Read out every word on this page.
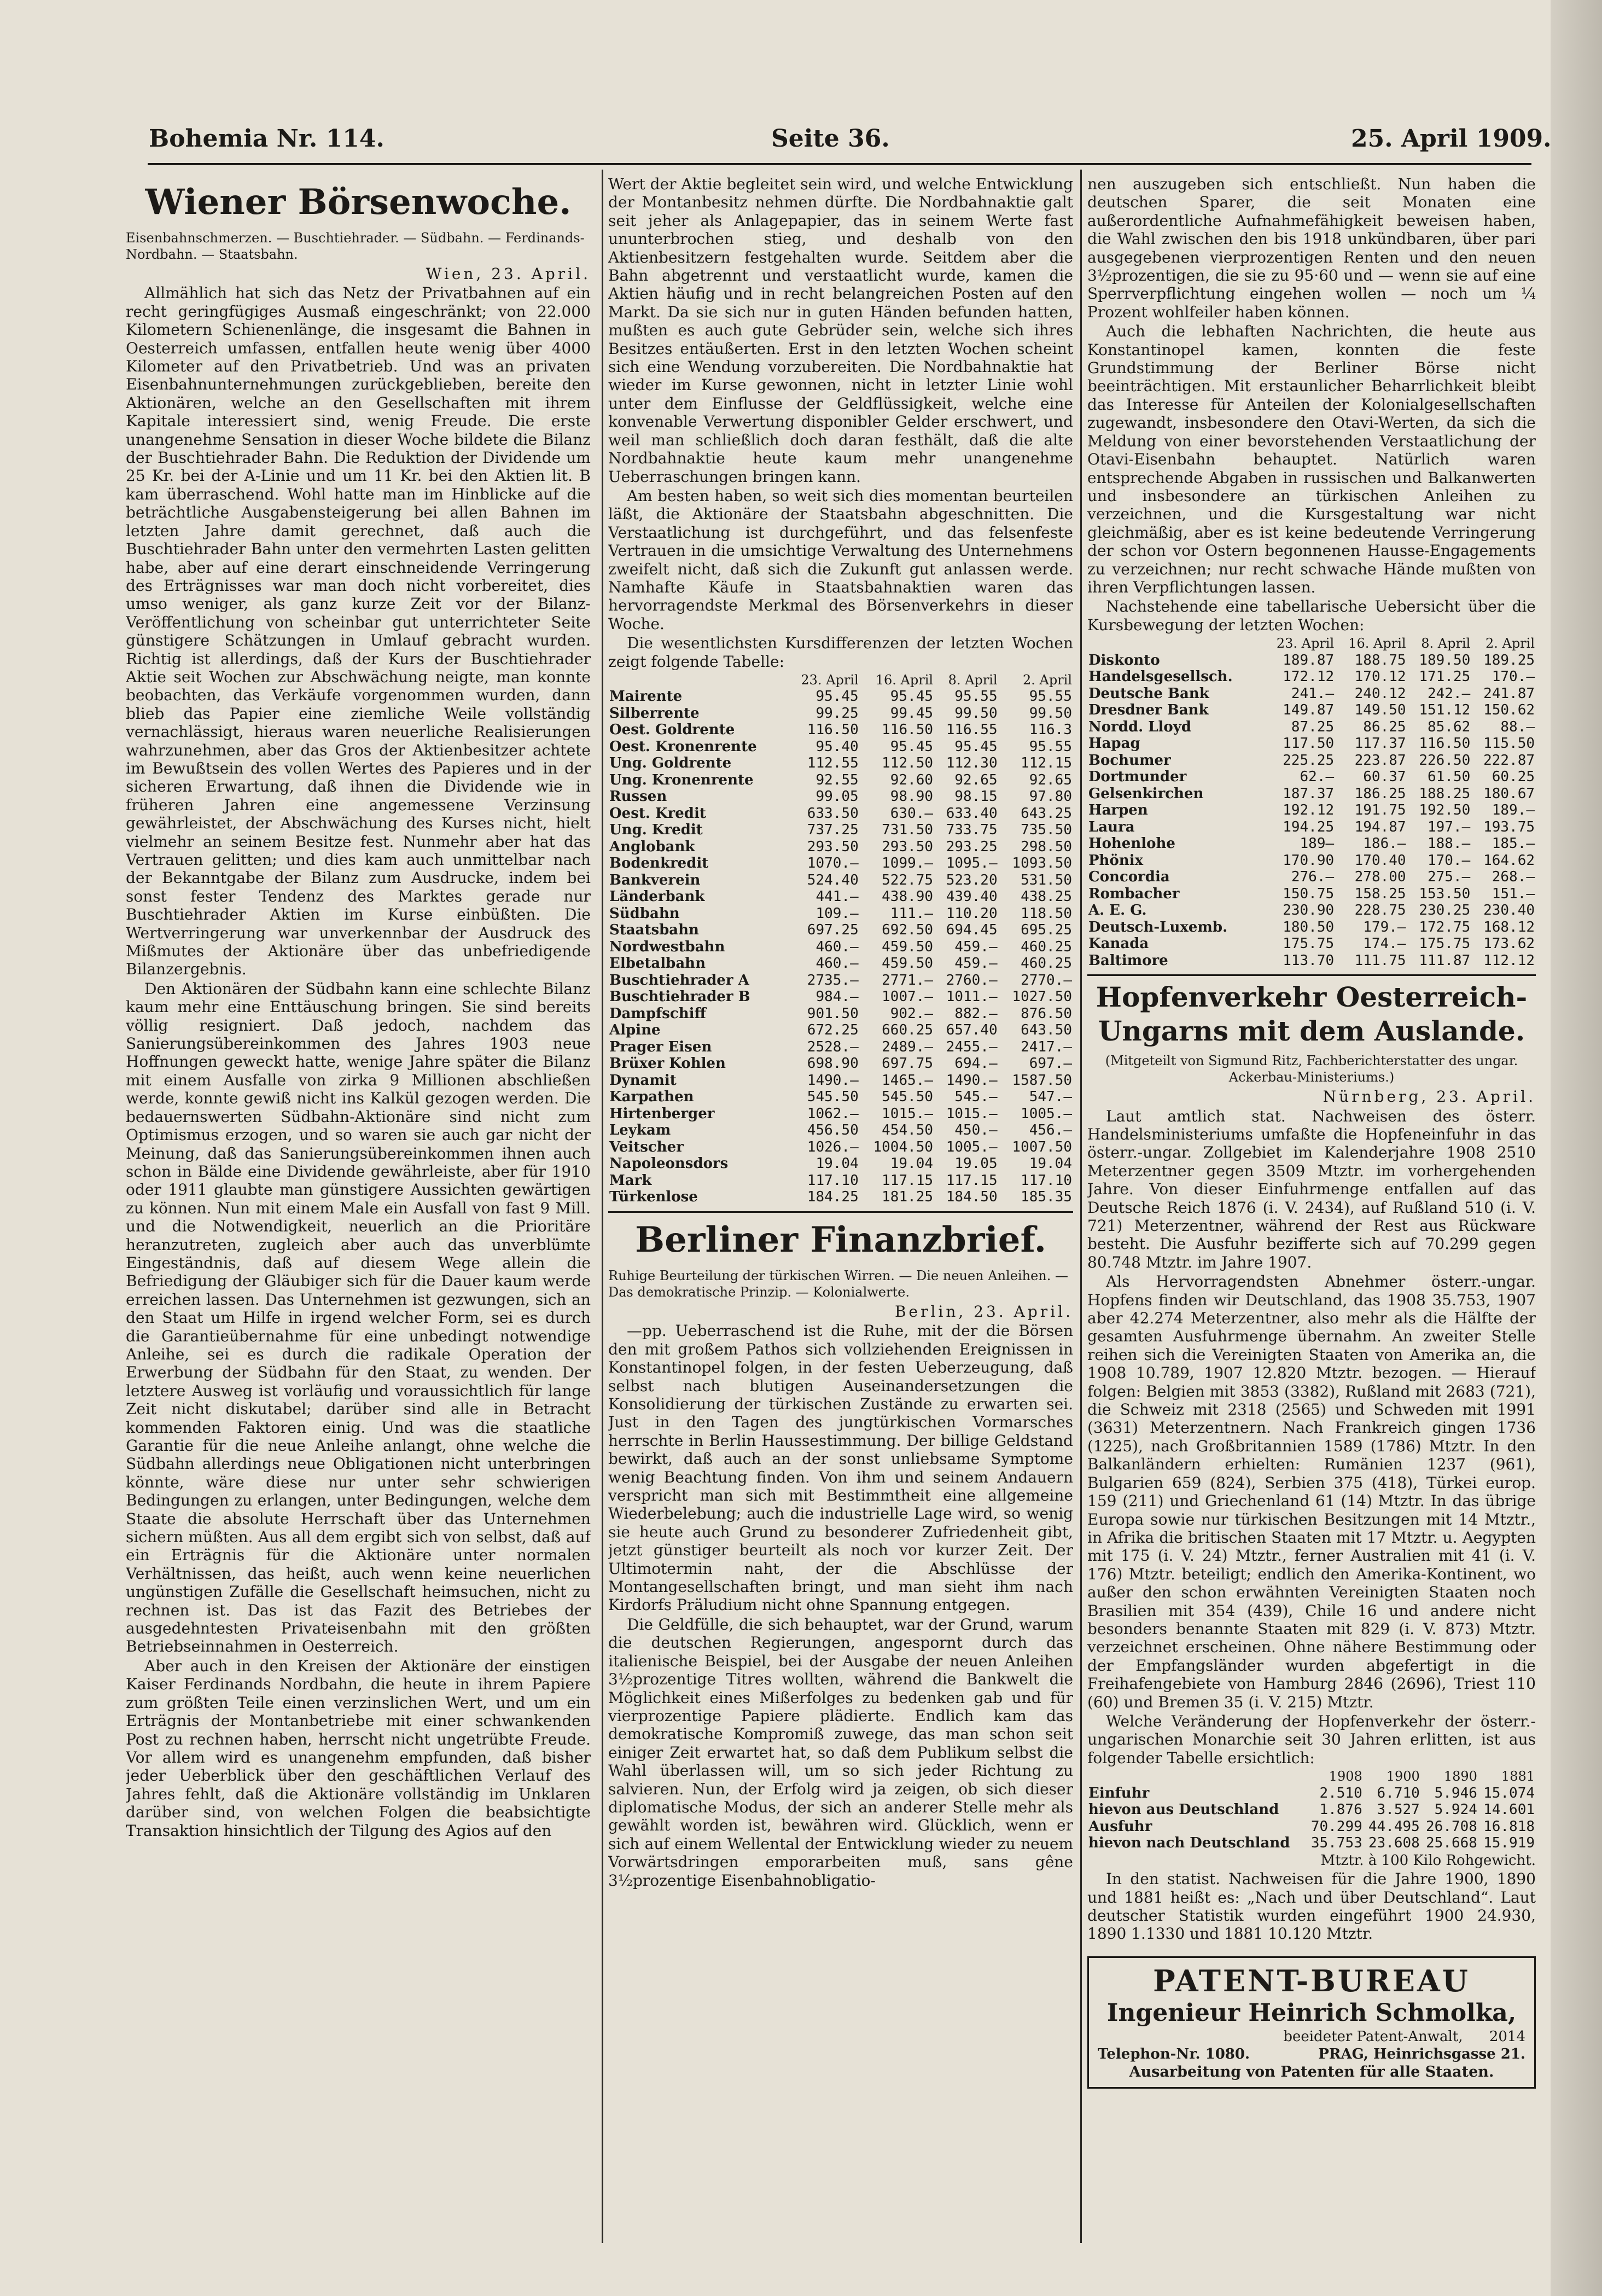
Bohemia Nr. 114.	Seite 36.	25. April 1909.
Wiener Börsenwoche.
Eisenbahnschmerzen. — Buschtiehrader. — Südbahn. — Ferdinands-Nordbahn. — Staatsbahn.
Wien, 23. April.

Allmählich hat sich das Netz der Privatbahnen auf ein recht geringfügiges Ausmaß eingeschränkt; von 22.000 Kilometern Schienenlänge, die insgesamt die Bahnen in Oesterreich umfassen, entfallen heute wenig über 4000 Kilometer auf den Privatbetrieb. Und was an privaten Eisenbahnunternehmungen zurückgeblieben, bereite den Aktionären, welche an den Gesellschaften mit ihrem Kapitale interessiert sind, wenig Freude. Die erste unangenehme Sensation in dieser Woche bildete die Bilanz der Buschtiehrader Bahn. Die Reduktion der Dividende um 25 Kr. bei der A-Linie und um 11 Kr. bei den Aktien lit. B kam überraschend. Wohl hatte man im Hinblicke auf die beträchtliche Ausgabensteigerung bei allen Bahnen im letzten Jahre damit gerechnet, daß auch die Buschtiehrader Bahn unter den vermehrten Lasten gelitten habe, aber auf eine derart einschneidende Verringerung des Erträgnisses war man doch nicht vorbereitet, dies umso weniger, als ganz kurze Zeit vor der Bilanz-Veröffentlichung von scheinbar gut unterrichteter Seite günstigere Schätzungen in Umlauf gebracht wurden. Richtig ist allerdings, daß der Kurs der Buschtiehrader Aktie seit Wochen zur Abschwächung neigte, man konnte beobachten, das Verkäufe vorgenommen wurden, dann blieb das Papier eine ziemliche Weile vollständig vernachlässigt, hieraus waren neuerliche Realisierungen wahrzunehmen, aber das Gros der Aktienbesitzer achtete im Bewußtsein des vollen Wertes des Papieres und in der sicheren Erwartung, daß ihnen die Dividende wie in früheren Jahren eine angemessene Verzinsung gewährleistet, der Abschwächung des Kurses nicht, hielt vielmehr an seinem Besitze fest. Nunmehr aber hat das Vertrauen gelitten; und dies kam auch unmittelbar nach der Bekanntgabe der Bilanz zum Ausdrucke, indem bei sonst fester Tendenz des Marktes gerade nur Buschtiehrader Aktien im Kurse einbüßten. Die Wertverringerung war unverkennbar der Ausdruck des Mißmutes der Aktionäre über das unbefriedigende Bilanzergebnis.

Den Aktionären der Südbahn kann eine schlechte Bilanz kaum mehr eine Enttäuschung bringen. Sie sind bereits völlig resigniert. Daß jedoch, nachdem das Sanierungsübereinkommen des Jahres 1903 neue Hoffnungen geweckt hatte, wenige Jahre später die Bilanz mit einem Ausfalle von zirka 9 Millionen abschließen werde, konnte gewiß nicht ins Kalkül gezogen werden. Die bedauernswerten Südbahn-Aktionäre sind nicht zum Optimismus erzogen, und so waren sie auch gar nicht der Meinung, daß das Sanierungsübereinkommen ihnen auch schon in Bälde eine Dividende gewährleiste, aber für 1910 oder 1911 glaubte man günstigere Aussichten gewärtigen zu können. Nun mit einem Male ein Ausfall von fast 9 Mill. und die Notwendigkeit, neuerlich an die Prioritäre heranzutreten, zugleich aber auch das unverblümte Eingeständnis, daß auf diesem Wege allein die Befriedigung der Gläubiger sich für die Dauer kaum werde erreichen lassen. Das Unternehmen ist gezwungen, sich an den Staat um Hilfe in irgend welcher Form, sei es durch die Garantieübernahme für eine unbedingt notwendige Anleihe, sei es durch die radikale Operation der Erwerbung der Südbahn für den Staat, zu wenden. Der letztere Ausweg ist vorläufig und voraussichtlich für lange Zeit nicht diskutabel; darüber sind alle in Betracht kommenden Faktoren einig. Und was die staatliche Garantie für die neue Anleihe anlangt, ohne welche die Südbahn allerdings neue Obligationen nicht unterbringen könnte, wäre diese nur unter sehr schwierigen Bedingungen zu erlangen, unter Bedingungen, welche dem Staate die absolute Herrschaft über das Unternehmen sichern müßten. Aus all dem ergibt sich von selbst, daß auf ein Erträgnis für die Aktionäre unter normalen Verhältnissen, das heißt, auch wenn keine neuerlichen ungünstigen Zufälle die Gesellschaft heimsuchen, nicht zu rechnen ist. Das ist das Fazit des Betriebes der ausgedehntesten Privateisenbahn mit den größten Betriebseinnahmen in Oesterreich.

Aber auch in den Kreisen der Aktionäre der einstigen Kaiser Ferdinands Nordbahn, die heute in ihrem Papiere zum größten Teile einen verzinslichen Wert, und um ein Erträgnis der Montanbetriebe mit einer schwankenden Post zu rechnen haben, herrscht nicht ungetrübte Freude. Vor allem wird es unangenehm empfunden, daß bisher jeder Ueberblick über den geschäftlichen Verlauf des Jahres fehlt, daß die Aktionäre vollständig im Unklaren darüber sind, von welchen Folgen die beabsichtigte Transaktion hinsichtlich der Tilgung des Agios auf den

Wert der Aktie begleitet sein wird, und welche Entwicklung der Montanbesitz nehmen dürfte. Die Nordbahnaktie galt seit jeher als Anlagepapier, das in seinem Werte fast ununterbrochen stieg, und deshalb von den Aktienbesitzern festgehalten wurde. Seitdem aber die Bahn abgetrennt und verstaatlicht wurde, kamen die Aktien häufig und in recht belangreichen Posten auf den Markt. Da sie sich nur in guten Händen befunden hatten, mußten es auch gute Gebrüder sein, welche sich ihres Besitzes entäußerten. Erst in den letzten Wochen scheint sich eine Wendung vorzubereiten. Die Nordbahnaktie hat wieder im Kurse gewonnen, nicht in letzter Linie wohl unter dem Einflusse der Geldflüssigkeit, welche eine konvenable Verwertung disponibler Gelder erschwert, und weil man schließlich doch daran festhält, daß die alte Nordbahnaktie heute kaum mehr unangenehme Ueberraschungen bringen kann.

Am besten haben, so weit sich dies momentan beurteilen läßt, die Aktionäre der Staatsbahn abgeschnitten. Die Verstaatlichung ist durchgeführt, und das felsenfeste Vertrauen in die umsichtige Verwaltung des Unternehmens zweifelt nicht, daß sich die Zukunft gut anlassen werde. Namhafte Käufe in Staatsbahnaktien waren das hervorragendste Merkmal des Börsenverkehrs in dieser Woche.

Die wesentlichsten Kursdifferenzen der letzten Wochen zeigt folgende Tabelle:

	23. April	16. April	8. April	2. April
Mairente	95.45	95.45	95.55	95.55
Silberrente	99.25	99.45	99.50	99.50
Oest. Goldrente	116.50	116.50	116.55	116.3
Oest. Kronenrente	95.40	95.45	95.45	95.55
Ung. Goldrente	112.55	112.50	112.30	112.15
Ung. Kronenrente	92.55	92.60	92.65	92.65
Russen	99.05	98.90	98.15	97.80
Oest. Kredit	633.50	630.—	633.40	643.25
Ung. Kredit	737.25	731.50	733.75	735.50
Anglobank	293.50	293.50	293.25	298.50
Bodenkredit	1070.—	1099.—	1095.—	1093.50
Bankverein	524.40	522.75	523.20	531.50
Länderbank	441.—	438.90	439.40	438.25
Südbahn	109.—	111.—	110.20	118.50
Staatsbahn	697.25	692.50	694.45	695.25
Nordwestbahn	460.—	459.50	459.—	460.25
Elbetalbahn	460.—	459.50	459.—	460.25
Buschtiehrader A	2735.—	2771.—	2760.—	2770.—
Buschtiehrader B	984.—	1007.—	1011.—	1027.50
Dampfschiff	901.50	902.—	882.—	876.50
Alpine	672.25	660.25	657.40	643.50
Prager Eisen	2528.—	2489.—	2455.—	2417.—
Brüxer Kohlen	698.90	697.75	694.—	697.—
Dynamit	1490.—	1465.—	1490.—	1587.50
Karpathen	545.50	545.50	545.—	547.—
Hirtenberger	1062.—	1015.—	1015.—	1005.—
Leykam	456.50	454.50	450.—	456.—
Veitscher	1026.—	1004.50	1005.—	1007.50
Napoleonsdors	19.04	19.04	19.05	19.04
Mark	117.10	117.15	117.15	117.10
Türkenlose	184.25	181.25	184.50	185.35
Berliner Finanzbrief.
Ruhige Beurteilung der türkischen Wirren. — Die neuen Anleihen. — Das demokratische Prinzip. — Kolonialwerte.
Berlin, 23. April.

—pp. Ueberraschend ist die Ruhe, mit der die Börsen den mit großem Pathos sich vollziehenden Ereignissen in Konstantinopel folgen, in der festen Ueberzeugung, daß selbst nach blutigen Auseinandersetzungen die Konsolidierung der türkischen Zustände zu erwarten sei. Just in den Tagen des jungtürkischen Vormarsches herrschte in Berlin Haussestimmung. Der billige Geldstand bewirkt, daß auch an der sonst unliebsame Symptome wenig Beachtung finden. Von ihm und seinem Andauern verspricht man sich mit Bestimmtheit eine allgemeine Wiederbelebung; auch die industrielle Lage wird, so wenig sie heute auch Grund zu besonderer Zufriedenheit gibt, jetzt günstiger beurteilt als noch vor kurzer Zeit. Der Ultimotermin naht, der die Abschlüsse der Montangesellschaften bringt, und man sieht ihm nach Kirdorfs Präludium nicht ohne Spannung entgegen.

Die Geldfülle, die sich behauptet, war der Grund, warum die deutschen Regierungen, angespornt durch das italienische Beispiel, bei der Ausgabe der neuen Anleihen 3½prozentige Titres wollten, während die Bankwelt die Möglichkeit eines Mißerfolges zu bedenken gab und für vierprozentige Papiere plädierte. Endlich kam das demokratische Kompromiß zuwege, das man schon seit einiger Zeit erwartet hat, so daß dem Publikum selbst die Wahl überlassen will, um so sich jeder Richtung zu salvieren. Nun, der Erfolg wird ja zeigen, ob sich dieser diplomatische Modus, der sich an anderer Stelle mehr als gewählt worden ist, bewähren wird. Glücklich, wenn er sich auf einem Wellental der Entwicklung wieder zu neuem Vorwärtsdringen emporarbeiten muß, sans gêne 3½prozentige Eisenbahnobligatio-

nen auszugeben sich entschließt. Nun haben die deutschen Sparer, die seit Monaten eine außerordentliche Aufnahmefähigkeit beweisen haben, die Wahl zwischen den bis 1918 unkündbaren, über pari ausgegebenen vierprozentigen Renten und den neuen 3½prozentigen, die sie zu 95·60 und — wenn sie auf eine Sperrverpflichtung eingehen wollen — noch um ¼ Prozent wohlfeiler haben können.

Auch die lebhaften Nachrichten, die heute aus Konstantinopel kamen, konnten die feste Grundstimmung der Berliner Börse nicht beeinträchtigen. Mit erstaunlicher Beharrlichkeit bleibt das Interesse für Anteilen der Kolonialgesellschaften zugewandt, insbesondere den Otavi-Werten, da sich die Meldung von einer bevorstehenden Verstaatlichung der Otavi-Eisenbahn behauptet. Natürlich waren entsprechende Abgaben in russischen und Balkanwerten und insbesondere an türkischen Anleihen zu verzeichnen, und die Kursgestaltung war nicht gleichmäßig, aber es ist keine bedeutende Verringerung der schon vor Ostern begonnenen Hausse-Engagements zu verzeichnen; nur recht schwache Hände mußten von ihren Verpflichtungen lassen.

Nachstehende eine tabellarische Uebersicht über die Kursbewegung der letzten Wochen:

	23. April	16. April	8. April	2. April
Diskonto	189.87	188.75	189.50	189.25
Handelsgesellsch.	172.12	170.12	171.25	170.—
Deutsche Bank	241.—	240.12	242.—	241.87
Dresdner Bank	149.87	149.50	151.12	150.62
Nordd. Lloyd	87.25	86.25	85.62	88.—
Hapag	117.50	117.37	116.50	115.50
Bochumer	225.25	223.87	226.50	222.87
Dortmunder	62.—	60.37	61.50	60.25
Gelsenkirchen	187.37	186.25	188.25	180.67
Harpen	192.12	191.75	192.50	189.—
Laura	194.25	194.87	197.—	193.75
Hohenlohe	189—	186.—	188.—	185.—
Phönix	170.90	170.40	170.—	164.62
Concordia	276.—	278.00	275.—	268.—
Rombacher	150.75	158.25	153.50	151.—
A. E. G.	230.90	228.75	230.25	230.40
Deutsch-Luxemb.	180.50	179.—	172.75	168.12
Kanada	175.75	174.—	175.75	173.62
Baltimore	113.70	111.75	111.87	112.12
Hopfenverkehr Oesterreich-Ungarns mit dem Auslande.
(Mitgeteilt von Sigmund Ritz, Fachberichterstatter des ungar. Ackerbau-Ministeriums.)
Nürnberg, 23. April.

Laut amtlich stat. Nachweisen des österr. Handelsministeriums umfaßte die Hopfeneinfuhr in das österr.-ungar. Zollgebiet im Kalenderjahre 1908 2510 Meterzentner gegen 3509 Mtztr. im vorhergehenden Jahre. Von dieser Einfuhrmenge entfallen auf das Deutsche Reich 1876 (i. V. 2434), auf Rußland 510 (i. V. 721) Meterzentner, während der Rest aus Rückware besteht. Die Ausfuhr bezifferte sich auf 70.299 gegen 80.748 Mtztr. im Jahre 1907.

Als Hervorragendsten Abnehmer österr.-ungar. Hopfens finden wir Deutschland, das 1908 35.753, 1907 aber 42.274 Meterzentner, also mehr als die Hälfte der gesamten Ausfuhrmenge übernahm. An zweiter Stelle reihen sich die Vereinigten Staaten von Amerika an, die 1908 10.789, 1907 12.820 Mtztr. bezogen. — Hierauf folgen: Belgien mit 3853 (3382), Rußland mit 2683 (721), die Schweiz mit 2318 (2565) und Schweden mit 1991 (3631) Meterzentnern. Nach Frankreich gingen 1736 (1225), nach Großbritannien 1589 (1786) Mtztr. In den Balkanländern erhielten: Rumänien 1237 (961), Bulgarien 659 (824), Serbien 375 (418), Türkei europ. 159 (211) und Griechenland 61 (14) Mtztr. In das übrige Europa sowie nur türkischen Besitzungen mit 14 Mtztr., in Afrika die britischen Staaten mit 17 Mtztr. u. Aegypten mit 175 (i. V. 24) Mtztr., ferner Australien mit 41 (i. V. 176) Mtztr. beteiligt; endlich den Amerika-Kontinent, wo außer den schon erwähnten Vereinigten Staaten noch Brasilien mit 354 (439), Chile 16 und andere nicht besonders benannte Staaten mit 829 (i. V. 873) Mtztr. verzeichnet erscheinen. Ohne nähere Bestimmung oder der Empfangsländer wurden abgefertigt in die Freihafengebiete von Hamburg 2846 (2696), Triest 110 (60) und Bremen 35 (i. V. 215) Mtztr.

Welche Veränderung der Hopfenverkehr der österr.-ungarischen Monarchie seit 30 Jahren erlitten, ist aus folgender Tabelle ersichtlich:

	1908	1900	1890	1881
Einfuhr	2.510	6.710	5.946	15.074
hievon aus Deutschland	1.876	3.527	5.924	14.601
Ausfuhr	70.299	44.495	26.708	16.818
hievon nach Deutschland	35.753	23.608	25.668	15.919
Mtztr. à 100 Kilo Rohgewicht.

In den statist. Nachweisen für die Jahre 1900, 1890 und 1881 heißt es: „Nach und über Deutschland“. Laut deutscher Statistik wurden eingeführt 1900 24.930, 1890 1.1330 und 1881 10.120 Mtztr.

PATENT-BUREAU
Ingenieur Heinrich Schmolka,
beeideter Patent-Anwalt, 2014
Telephon-Nr. 1080.	PRAG, Heinrichsgasse 21.
Ausarbeitung von Patenten für alle Staaten.
